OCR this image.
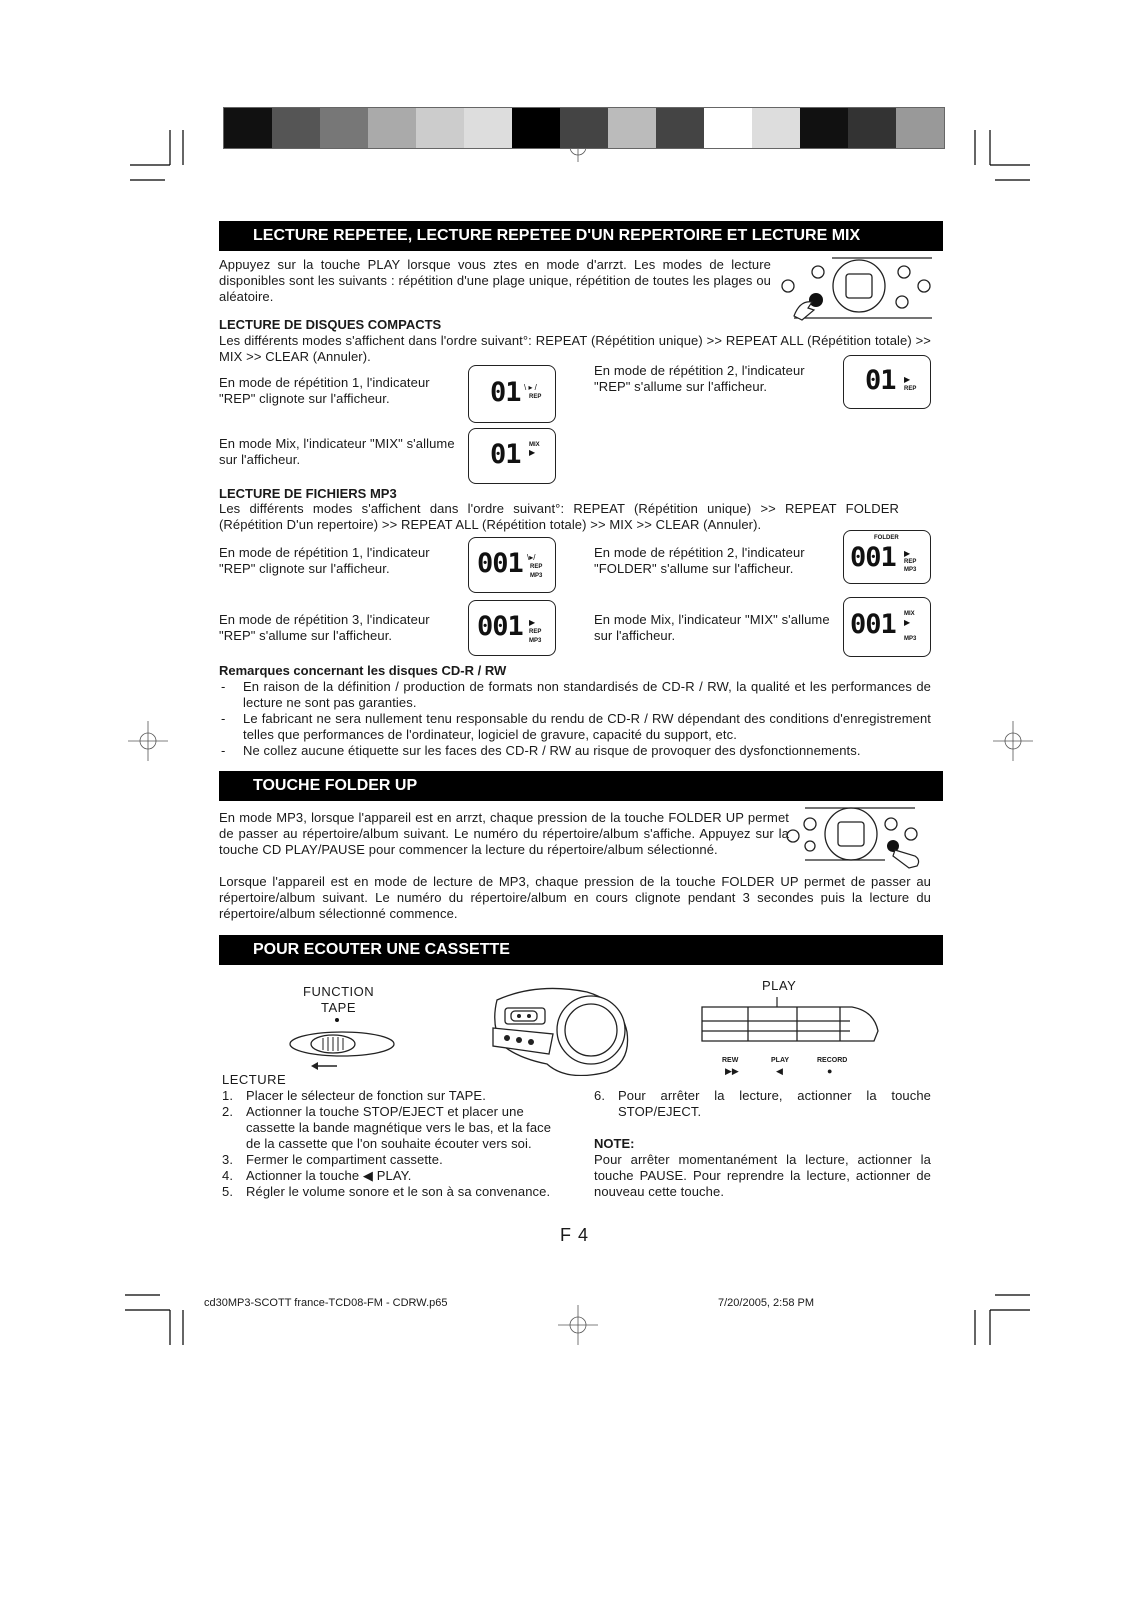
LECTURE REPETEE, LECTURE REPETEE D'UN REPERTOIRE ET LECTURE MIX
Appuyez sur la touche PLAY lorsque vous ztes en mode d'arrzt. Les modes de lecture disponibles sont les suivants : répétition d'une plage unique, répétition de toutes les plages ou aléatoire.
LECTURE DE DISQUES COMPACTS
Les différents modes s'affichent dans l'ordre suivant°: REPEAT (Répétition unique) >> REPEAT ALL (Répétition totale) >> MIX >> CLEAR (Annuler).
En mode de répétition 1, l'indicateur "REP" clignote sur l'afficheur.	01 \ ▸ /
REP
En mode de répétition 2, l'indicateur "REP" s'allume sur l'afficheur.	01 ▶
REP
En mode Mix, l'indicateur "MIX" s'allume sur l'afficheur.	01 MIX
▶
LECTURE DE FICHIERS MP3
Les différents modes s'affichent dans l'ordre suivant°: REPEAT (Répétition unique) >> REPEAT FOLDER (Répétition D'un repertoire) >> REPEAT ALL (Répétition totale) >> MIX >> CLEAR (Annuler).
En mode de répétition 1, l'indicateur "REP" clignote sur l'afficheur.	001 \▸/
REP
MP3
En mode de répétition 2, l'indicateur "FOLDER" s'allume sur l'afficheur.
FOLDER
001 ▶
REP
MP3
En mode de répétition 3, l'indicateur "REP" s'allume sur l'afficheur.	001 ▶
REP
MP3
En mode Mix, l'indicateur "MIX" s'allume sur l'afficheur.	001 MIX
▶
MP3
Remarques concernant les disques CD-R / RW
- En raison de la définition / production de formats non standardisés de CD-R / RW, la qualité et les performances de lecture ne sont pas garanties.
- Le fabricant ne sera nullement tenu responsable du rendu de CD-R / RW dépendant des conditions d'enregistrement telles que performances de l'ordinateur, logiciel de gravure, capacité du support, etc.
- Ne collez aucune étiquette sur les faces des CD-R / RW au risque de provoquer des dysfonctionnements.
TOUCHE FOLDER UP
En mode MP3, lorsque l'appareil est en arrzt, chaque pression de la touche FOLDER UP permet de passer au répertoire/album suivant. Le numéro du répertoire/album s'affiche. Appuyez sur la touche CD PLAY/PAUSE pour commencer la lecture du répertoire/album sélectionné.
Lorsque l'appareil est en mode de lecture de MP3, chaque pression de la touche FOLDER UP permet de passer au répertoire/album suivant. Le numéro du répertoire/album en cours clignote pendant 3 secondes puis la lecture du répertoire/album sélectionné commence.
POUR ECOUTER UNE CASSETTE
FUNCTION
TAPE
PLAY
REW
▶▶
PLAY
◀
RECORD
●
LECTURE
1. Placer le sélecteur de fonction sur TAPE.
2. Actionner la touche STOP/EJECT et placer une cassette la bande magnétique vers le bas, et la face de la cassette que l'on souhaite écouter vers soi.
3. Fermer le compartiment cassette.
4. Actionner la touche ◀ PLAY.
5. Régler le volume sonore et le son à sa convenance.
6. Pour arrêter la lecture, actionner la touche STOP/EJECT.
NOTE:
Pour arrêter momentanément la lecture, actionner la touche PAUSE. Pour reprendre la lecture, actionner de nouveau cette touche.
F 4
cd30MP3-SCOTT france-TCD08-FM - CDRW.p65	7/20/2005, 2:58 PM
